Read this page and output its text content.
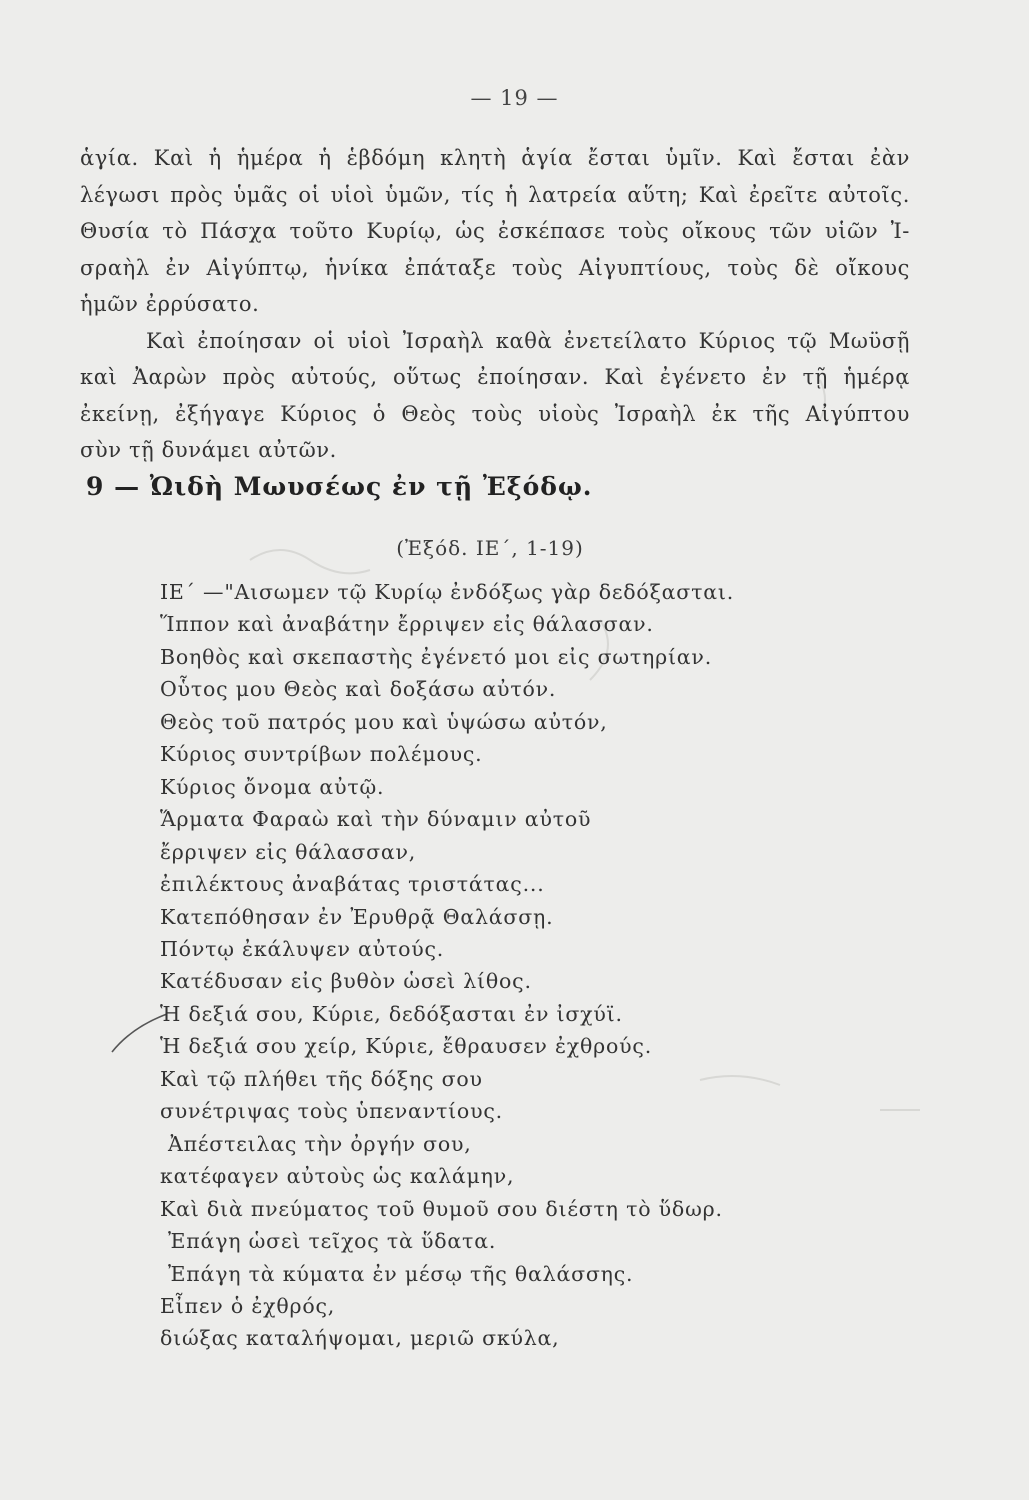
— 19 —
ἁγία. Καὶ ἡ ἡμέρα ἡ ἑβδόμη κλητὴ ἁγία ἔσται ὑμῖν. Καὶ ἔσται ἐὰν
λέγωσι πρὸς ὑμᾶς οἱ υἱοὶ ὑμῶν, τίς ἡ λατρεία αὕτη; Καὶ ἐρεῖτε αὐτοῖς.
Θυσία τὸ Πάσχα τοῦτο Κυρίῳ, ὡς ἐσκέπασε τοὺς οἴκους τῶν υἱῶν Ἰ-
σραὴλ ἐν Αἰγύπτῳ, ἡνίκα ἐπάταξε τοὺς Αἰγυπτίους, τοὺς δὲ οἴκους
ἡμῶν ἐρρύσατο.
Καὶ ἐποίησαν οἱ υἱοὶ Ἰσραὴλ καθὰ ἐνετείλατο Κύριος τῷ Μωϋσῇ
καὶ Ἀαρὼν πρὸς αὐτούς, οὕτως ἐποίησαν. Καὶ ἐγένετο ἐν τῇ ἡμέρᾳ
ἐκείνῃ, ἐξήγαγε Κύριος ὁ Θεὸς τοὺς υἱοὺς Ἰσραὴλ ἐκ τῆς Αἰγύπτου
σὺν τῇ δυνάμει αὐτῶν.
9 — Ὠιδὴ Μωυσέως ἐν τῇ Ἐξόδῳ.
(Ἐξόδ. ΙΕ΄, 1-19)
ΙΕ΄ —"Αισωμεν τῷ Κυρίῳ ἐνδόξως γὰρ δεδόξασται.
Ἵππον καὶ ἀναβάτην ἔρριψεν εἰς θάλασσαν.
Βοηθὸς καὶ σκεπαστὴς ἐγένετό μοι εἰς σωτηρίαν.
Οὗτος μου Θεὸς καὶ δοξάσω αὐτόν.
Θεὸς τοῦ πατρός μου καὶ ὑψώσω αὐτόν,
Κύριος συντρίβων πολέμους.
Κύριος ὄνομα αὐτῷ.
Ἅρματα Φαραὼ καὶ τὴν δύναμιν αὐτοῦ
ἔρριψεν εἰς θάλασσαν,
ἐπιλέκτους ἀναβάτας τριστάτας...
Κατεπόθησαν ἐν Ἐρυθρᾷ Θαλάσσῃ.
Πόντῳ ἐκάλυψεν αὐτούς.
Κατέδυσαν εἰς βυθὸν ὡσεὶ λίθος.
Ἡ δεξιά σου, Κύριε, δεδόξασται ἐν ἰσχύϊ.
Ἡ δεξιά σου χείρ, Κύριε, ἔθραυσεν ἐχθρούς.
Καὶ τῷ πλήθει τῆς δόξης σου
συνέτριψας τοὺς ὑπεναντίους.
Ἀπέστειλας τὴν ὀργήν σου,
κατέφαγεν αὐτοὺς ὡς καλάμην,
Καὶ διὰ πνεύματος τοῦ θυμοῦ σου διέστη τὸ ὕδωρ.
Ἐπάγη ὡσεὶ τεῖχος τὰ ὕδατα.
Ἐπάγη τὰ κύματα ἐν μέσῳ τῆς θαλάσσης.
Εἶπεν ὁ ἐχθρός,
διώξας καταλήψομαι, μεριῶ σκύλα,
